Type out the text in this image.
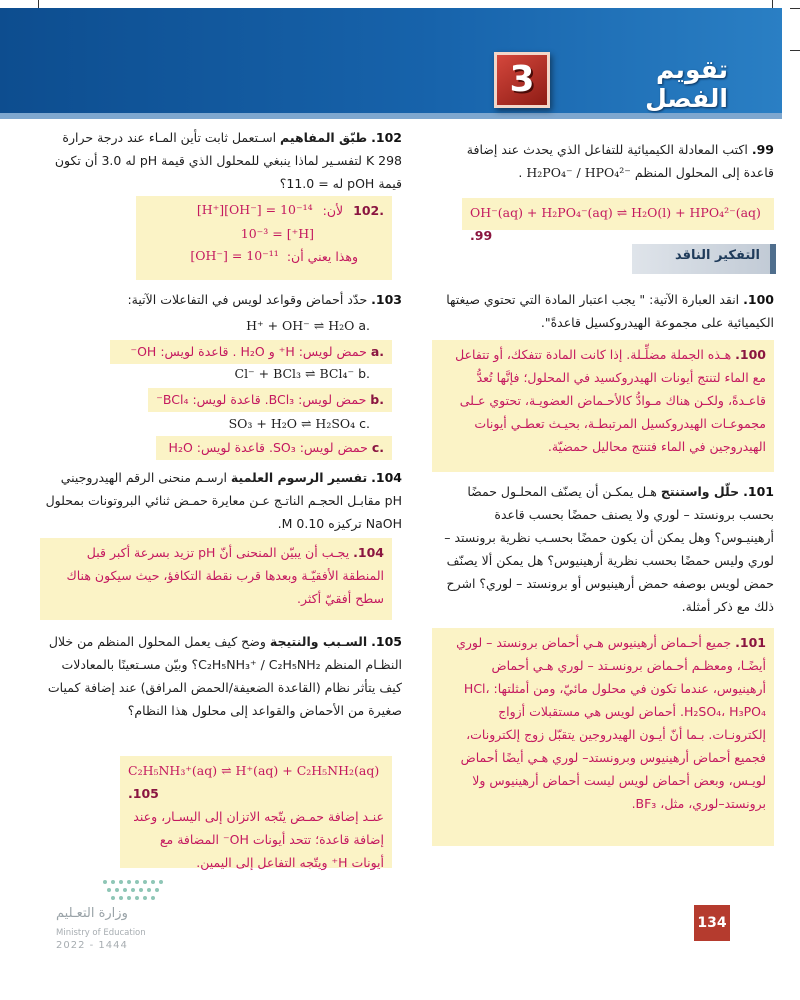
تقويم الفصل
3
99. اكتب المعادلة الكيميائية للتفاعل الذي يحدث عند إضافة قاعدة إلى المحلول المنظم H₂PO₄⁻ / HPO₄²⁻ .
OH⁻(aq) + H₂PO₄⁻(aq) ⇌ H₂O(l) + HPO₄²⁻(aq) .99
التفكير الناقد
100. انقد العبارة الآتية: " يجب اعتبار المادة التي تحتوي صيغتها الكيميائية على مجموعة الهيدروكسيل قاعدةً".
100. هـذه الجملة مضلِّـلة. إذا كانت المادة تتفكك، أو تتفاعل مع الماء لتنتج أيونات الهيدروكسيد في المحلول؛ فإنَّها تُعدُّ قاعـدةً، ولكـن هناك مـوادُّ كالأحـماض العضويـة، تحتوي عـلى مجموعـات الهيدروكسيل المرتبطـة، بحيـث تعطـي أيونات الهيدروجين في الماء فتنتج محاليل حمضيّة.
101. حلّل واستنتج هـل يمكـن أن يصنّف المحلـول حمضًا بحسب برونستد – لوري ولا يصنف حمضًا بحسب قاعدة أرهينيـوس؟ وهل يمكن أن يكون حمضًا بحسـب نظرية برونستد – لوري وليس حمضًا بحسب نظرية أرهينيوس؟ هل يمكن ألا يصنّف حمض لويس بوصفه حمض أرهينيوس أو برونستد – لوري؟ اشرح ذلك مع ذكر أمثلة.
101. جميع أحـماض أرهينيوس هـي أحماض برونستد – لوري أيضًـا، ومعظـم أحـماض برونسـتد – لوري هـي أحماض أرهينيوس، عندما تكون في محلول مائيّ، ومن أمثلتها: HCl، H₂SO₄، H₃PO₄. أحماض لويس هي مستقبلات أزواج إلكترونـات. بـما أنّ أيـون الهيدروجين يتقبّل زوج إلكترونات، فجميع أحماض أرهينيوس وبرونستد– لوري هـي أيضًا أحماض لويـس، وبعض أحماض لويس ليست أحماض أرهينيوس ولا برونستد–لوري، مثل، BF₃.
102. طبّق المفاهيم اسـتعمل ثابت تأين المـاء عند درجة حرارة 298 K لتفسـير لماذا ينبغي للمحلول الذي قيمة pH له 3.0 أن تكون قيمة pOH له = 11.0؟
.102
لأن:
[H⁺][OH⁻] = 10⁻¹⁴
[H⁺] = 10⁻³
وهذا يعني أن:
[OH⁻] = 10⁻¹¹
103. حدّد أحماض وقواعد لويس في التفاعلات الآتية:
.a H⁺ + OH⁻ ⇌ H₂O
.a حمض لويس: H⁺ و H₂O . قاعدة لويس: OH⁻
.b Cl⁻ + BCl₃ ⇌ BCl₄⁻
.b حمض لويس: BCl₃. قاعدة لويس: BCl₄⁻
.c SO₃ + H₂O ⇌ H₂SO₄
.c حمض لويس: SO₃. قاعدة لويس: H₂O
104. تفسير الرسوم العلمية ارسـم منحنى الرقم الهيدروجيني pH مقابـل الحجـم الناتـج عـن معايرة حمـض ثنائي البروتونات بمحلول NaOH تركيزه 0.10 M.
104. يجـب أن يبيّن المنحنى أنّ pH تزيد بسرعة أكبر قبل المنطقة الأفقيّـة وبعدها قرب نقطة التكافؤ، حيث سيكون هناك سطح أفقيّ أكثر.
105. السـبب والنتيجة وضح كيف يعمل المحلول المنظم من خلال النظـام المنظم C₂H₅NH₃⁺ / C₂H₅NH₂؟ وبيّن مسـتعينًا بالمعادلات كيف يتأثر نظام (القاعدة الضعيفة/الحمض المرافق) عند إضافة كميات صغيرة من الأحماض والقواعد إلى محلول هذا النظام؟
C₂H₅NH₃⁺(aq) ⇌ H⁺(aq) + C₂H₅NH₂(aq) .105
عنـد إضافة حمـض يتّجه الاتزان إلى اليسـار، وعند إضافة قاعدة؛ تتحد أيونات OH⁻ المضافة مع أيونات H⁺ ويتّجه التفاعل إلى اليمين.
134
وزارة التعـليم
Ministry of Education
2022 - 1444
